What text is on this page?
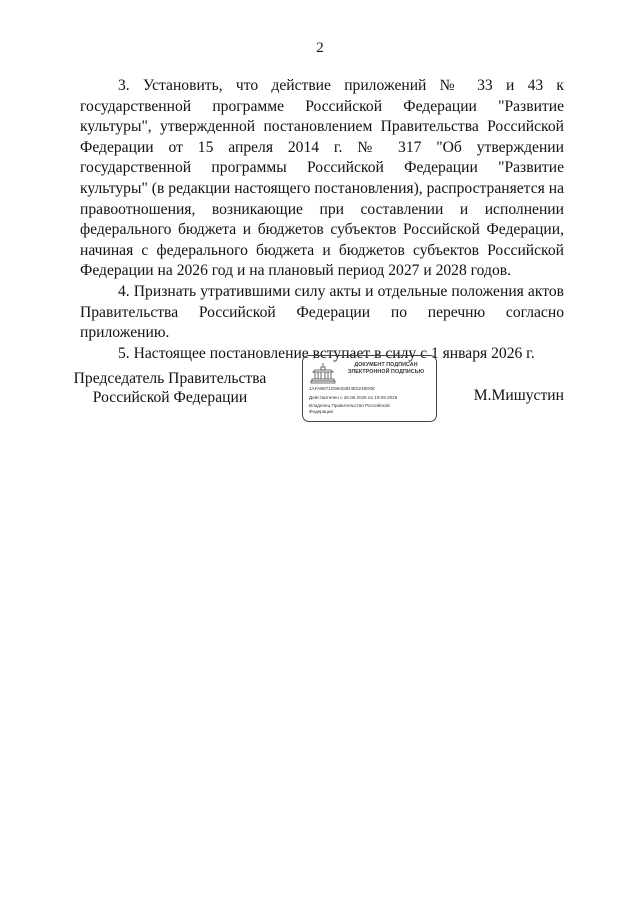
2

3. Установить, что действие приложений № 33 и 43 к государственной программе Российской Федерации "Развитие культуры", утвержденной постановлением Правительства Российской Федерации от 15 апреля 2014 г. № 317 "Об утверждении государственной программы Российской Федерации "Развитие культуры" (в редакции настоящего постановления), распространяется на правоотношения, возникающие при составлении и исполнении федерального бюджета и бюджетов субъектов Российской Федерации, начиная с федерального бюджета и бюджетов субъектов Российской Федерации на 2026 год и на плановый период 2027 и 2028 годов.

4. Признать утратившими силу акты и отдельные положения актов Правительства Российской Федерации по перечню согласно приложению.

5. Настоящее постановление вступает в силу с 1 января 2026 г.

Председатель Правительства
Российской Федерации
ДОКУМЕНТ ПОДПИСАН
ЭЛЕКТРОННОЙ ПОДПИСЬЮ
1AFAB671D96403D4E0248D0E
Действителен с 26.06.2025 по 19.09.2026
Владелец Правительство Российской
Федерации
М.Мишустин
